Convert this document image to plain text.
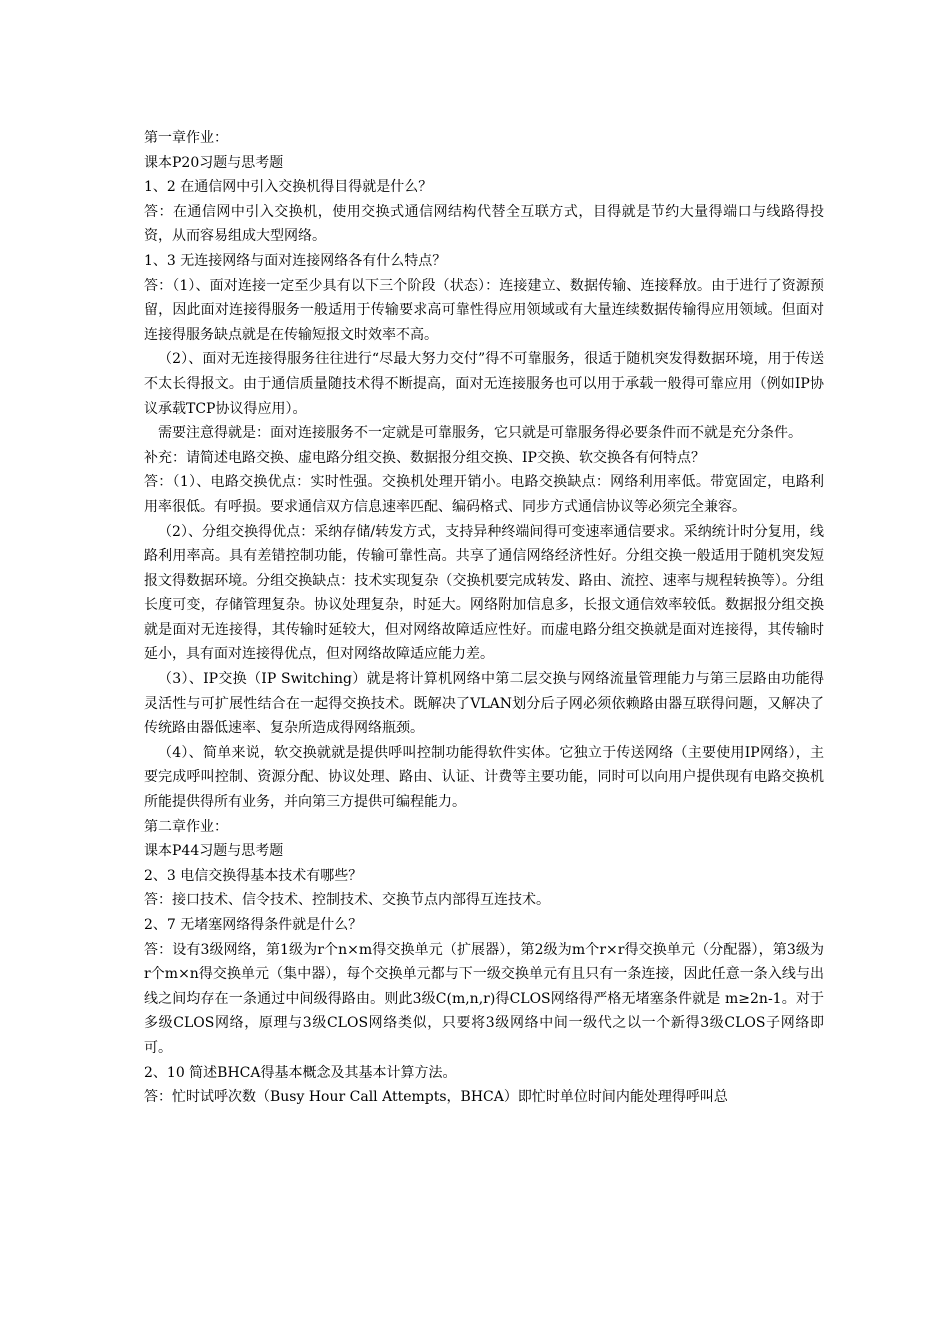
第一章作业：

课本P20习题与思考题

1、2 在通信网中引入交换机得目得就是什么？

答：在通信网中引入交换机，使用交换式通信网结构代替全互联方式，目得就是节约大量得端口与线路得投资，从而容易组成大型网络。

1、3 无连接网络与面对连接网络各有什么特点？

答：（1）、面对连接一定至少具有以下三个阶段（状态）：连接建立、数据传输、连接释放。由于进行了资源预留，因此面对连接得服务一般适用于传输要求高可靠性得应用领域或有大量连续数据传输得应用领域。但面对连接得服务缺点就是在传输短报文时效率不高。

（2）、面对无连接得服务往往进行“尽最大努力交付”得不可靠服务，很适于随机突发得数据环境，用于传送不太长得报文。由于通信质量随技术得不断提高，面对无连接服务也可以用于承载一般得可靠应用（例如IP协议承载TCP协议得应用）。

需要注意得就是：面对连接服务不一定就是可靠服务，它只就是可靠服务得必要条件而不就是充分条件。

补充：请简述电路交换、虚电路分组交换、数据报分组交换、IP交换、软交换各有何特点？

答：（1）、电路交换优点：实时性强。交换机处理开销小。电路交换缺点：网络利用率低。带宽固定，电路利用率很低。有呼损。要求通信双方信息速率匹配、编码格式、同步方式通信协议等必须完全兼容。

（2）、分组交换得优点：采纳存储/转发方式，支持异种终端间得可变速率通信要求。采纳统计时分复用，线路利用率高。具有差错控制功能，传输可靠性高。共享了通信网络经济性好。分组交换一般适用于随机突发短报文得数据环境。分组交换缺点：技术实现复杂（交换机要完成转发、路由、流控、速率与规程转换等）。分组长度可变，存储管理复杂。协议处理复杂，时延大。网络附加信息多，长报文通信效率较低。数据报分组交换就是面对无连接得，其传输时延较大，但对网络故障适应性好。而虚电路分组交换就是面对连接得，其传输时延小，具有面对连接得优点，但对网络故障适应能力差。

（3）、IP交换（IP Switching）就是将计算机网络中第二层交换与网络流量管理能力与第三层路由功能得灵活性与可扩展性结合在一起得交换技术。既解决了VLAN划分后子网必须依赖路由器互联得问题，又解决了传统路由器低速率、复杂所造成得网络瓶颈。

（4）、简单来说，软交换就就是提供呼叫控制功能得软件实体。它独立于传送网络（主要使用IP网络），主要完成呼叫控制、资源分配、协议处理、路由、认证、计费等主要功能，同时可以向用户提供现有电路交换机所能提供得所有业务，并向第三方提供可编程能力。

第二章作业：

课本P44习题与思考题

2、3 电信交换得基本技术有哪些？

答：接口技术、信令技术、控制技术、交换节点内部得互连技术。

2、7 无堵塞网络得条件就是什么？

答：设有3级网络，第1级为r个n×m得交换单元（扩展器），第2级为m个r×r得交换单元（分配器），第3级为r个m×n得交换单元（集中器），每个交换单元都与下一级交换单元有且只有一条连接，因此任意一条入线与出线之间均存在一条通过中间级得路由。则此3级C(m,n,r)得CLOS网络得严格无堵塞条件就是 m≥2n-1。对于多级CLOS网络，原理与3级CLOS网络类似，只要将3级网络中间一级代之以一个新得3级CLOS子网络即可。

2、10 简述BHCA得基本概念及其基本计算方法。

答：忙时试呼次数（Busy Hour Call Attempts，BHCA）即忙时单位时间内能处理得呼叫总
